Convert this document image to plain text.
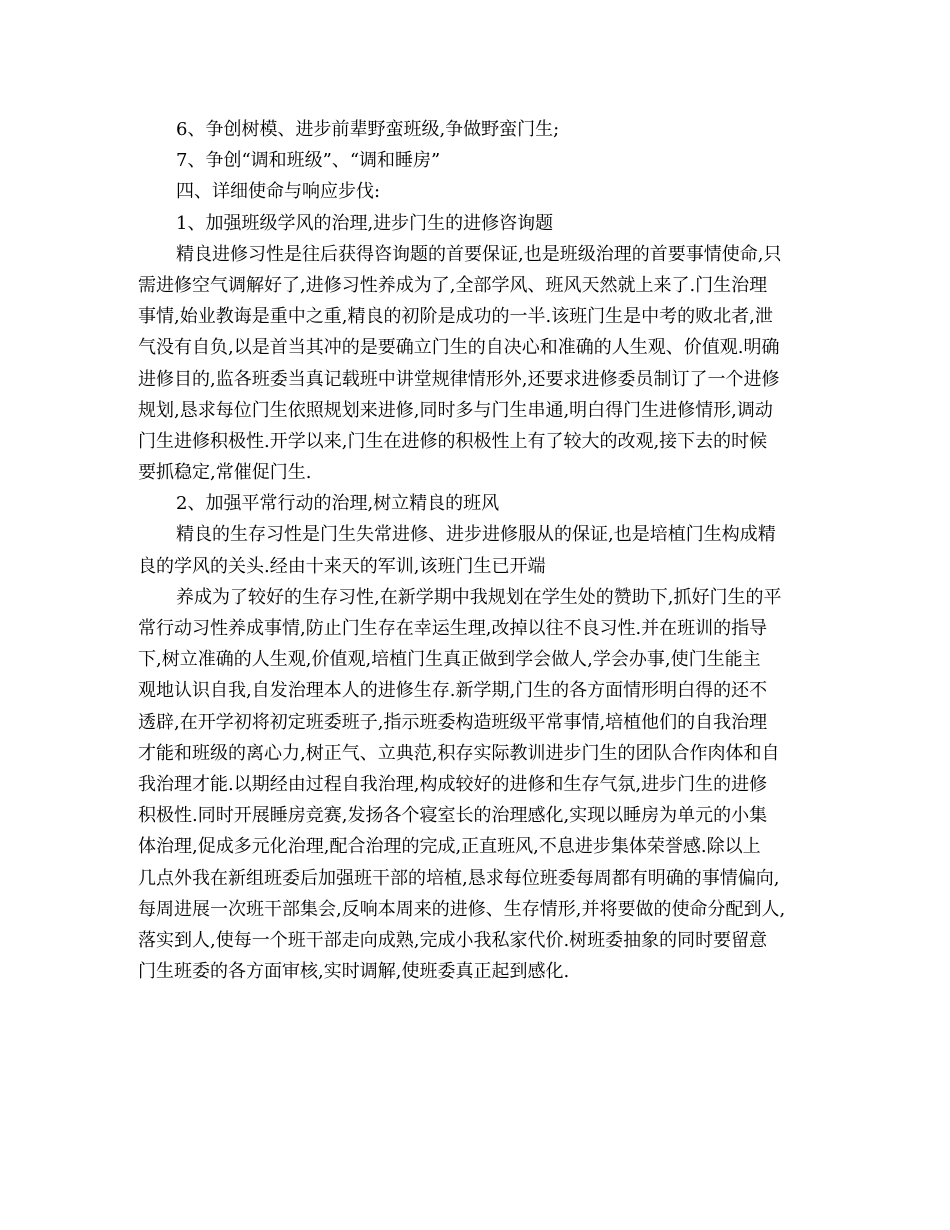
6、争创树模、进步前辈野蛮班级,争做野蛮门生;
7、争创“调和班级”、“调和睡房”
四、详细使命与响应步伐:
1、加强班级学风的治理,进步门生的进修咨询题
精良进修习性是往后获得咨询题的首要保证,也是班级治理的首要事情使命,只
需进修空气调解好了,进修习性养成为了,全部学风、班风天然就上来了.门生治理
事情,始业教诲是重中之重,精良的初阶是成功的一半.该班门生是中考的败北者,泄
气没有自负,以是首当其冲的是要确立门生的自决心和准确的人生观、价值观.明确
进修目的,监各班委当真记载班中讲堂规律情形外,还要求进修委员制订了一个进修
规划,恳求每位门生依照规划来进修,同时多与门生串通,明白得门生进修情形,调动
门生进修积极性.开学以来,门生在进修的积极性上有了较大的改观,接下去的时候
要抓稳定,常催促门生.
2、加强平常行动的治理,树立精良的班风
精良的生存习性是门生失常进修、进步进修服从的保证,也是培植门生构成精
良的学风的关头.经由十来天的军训,该班门生已开端
养成为了较好的生存习性,在新学期中我规划在学生处的赞助下,抓好门生的平
常行动习性养成事情,防止门生存在幸运生理,改掉以往不良习性.并在班训的指导
下,树立准确的人生观,价值观,培植门生真正做到学会做人,学会办事,使门生能主
观地认识自我,自发治理本人的进修生存.新学期,门生的各方面情形明白得的还不
透辟,在开学初将初定班委班子,指示班委构造班级平常事情,培植他们的自我治理
才能和班级的离心力,树正气、立典范,积存实际教训进步门生的团队合作肉体和自
我治理才能.以期经由过程自我治理,构成较好的进修和生存气氛,进步门生的进修
积极性.同时开展睡房竞赛,发扬各个寝室长的治理感化,实现以睡房为单元的小集
体治理,促成多元化治理,配合治理的完成,正直班风,不息进步集体荣誉感.除以上
几点外我在新组班委后加强班干部的培植,恳求每位班委每周都有明确的事情偏向,
每周进展一次班干部集会,反响本周来的进修、生存情形,并将要做的使命分配到人,
落实到人,使每一个班干部走向成熟,完成小我私家代价.树班委抽象的同时要留意
门生班委的各方面审核,实时调解,使班委真正起到感化.
